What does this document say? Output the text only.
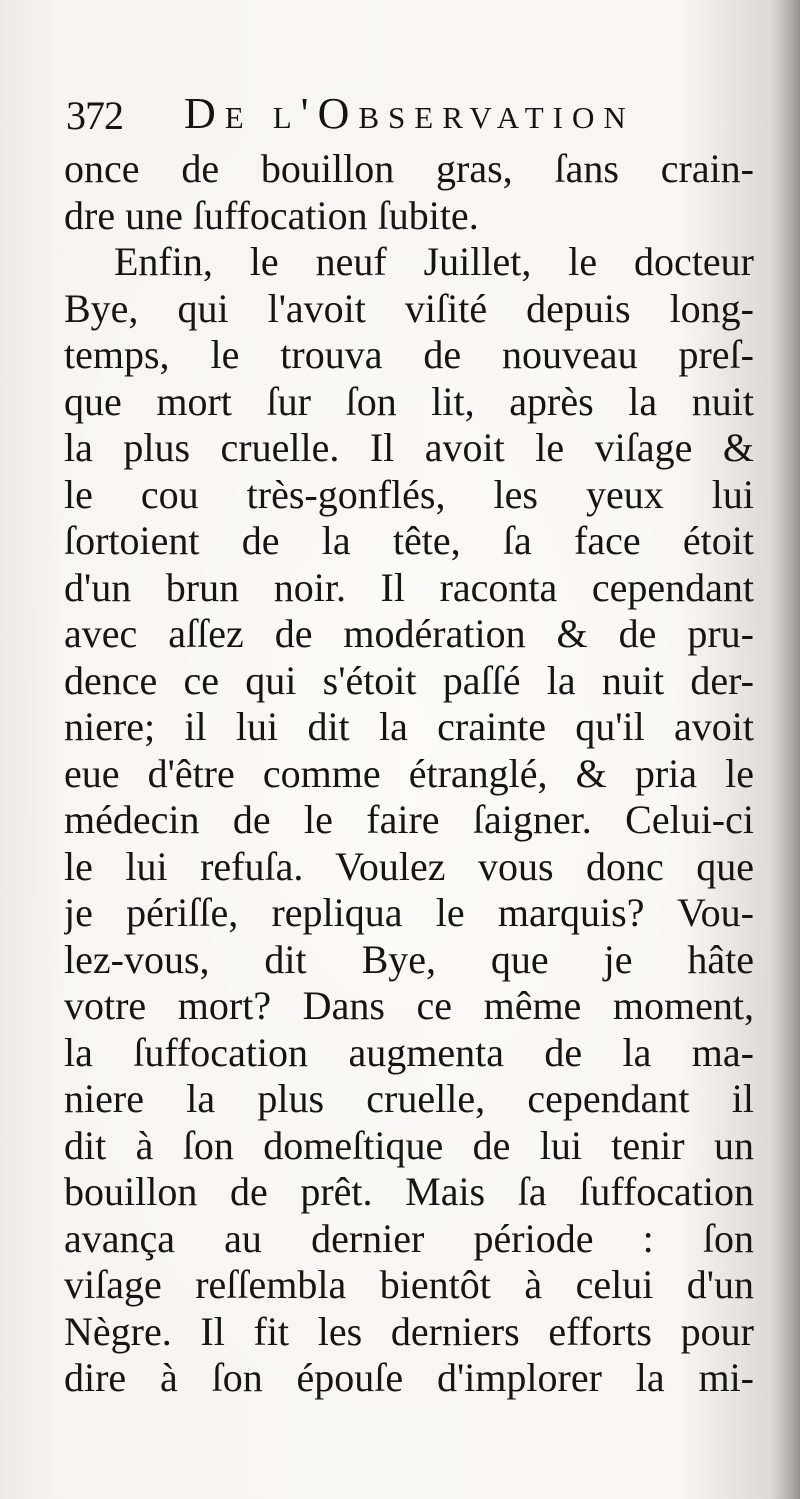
372 De l'Observation
once de bouillon gras, ſans crain-
dre une ſuffocation ſubite.
Enfin, le neuf Juillet, le docteur
Bye, qui l'avoit viſité depuis long-
temps, le trouva de nouveau preſ-
que mort ſur ſon lit, après la nuit
la plus cruelle. Il avoit le viſage &
le cou très-gonflés, les yeux lui
ſortoient de la tête, ſa face étoit
d'un brun noir. Il raconta cependant
avec aſſez de modération & de pru-
dence ce qui s'étoit paſſé la nuit der-
niere; il lui dit la crainte qu'il avoit
eue d'être comme étranglé, & pria le
médecin de le faire ſaigner. Celui-ci
le lui refuſa. Voulez vous donc que
je périſſe, repliqua le marquis? Vou-
lez-vous, dit Bye, que je hâte
votre mort? Dans ce même moment,
la ſuffocation augmenta de la ma-
niere la plus cruelle, cependant il
dit à ſon domeſtique de lui tenir un
bouillon de prêt. Mais ſa ſuffocation
avança au dernier période : ſon
viſage reſſembla bientôt à celui d'un
Nègre. Il fit les derniers efforts pour
dire à ſon épouſe d'implorer la mi-
